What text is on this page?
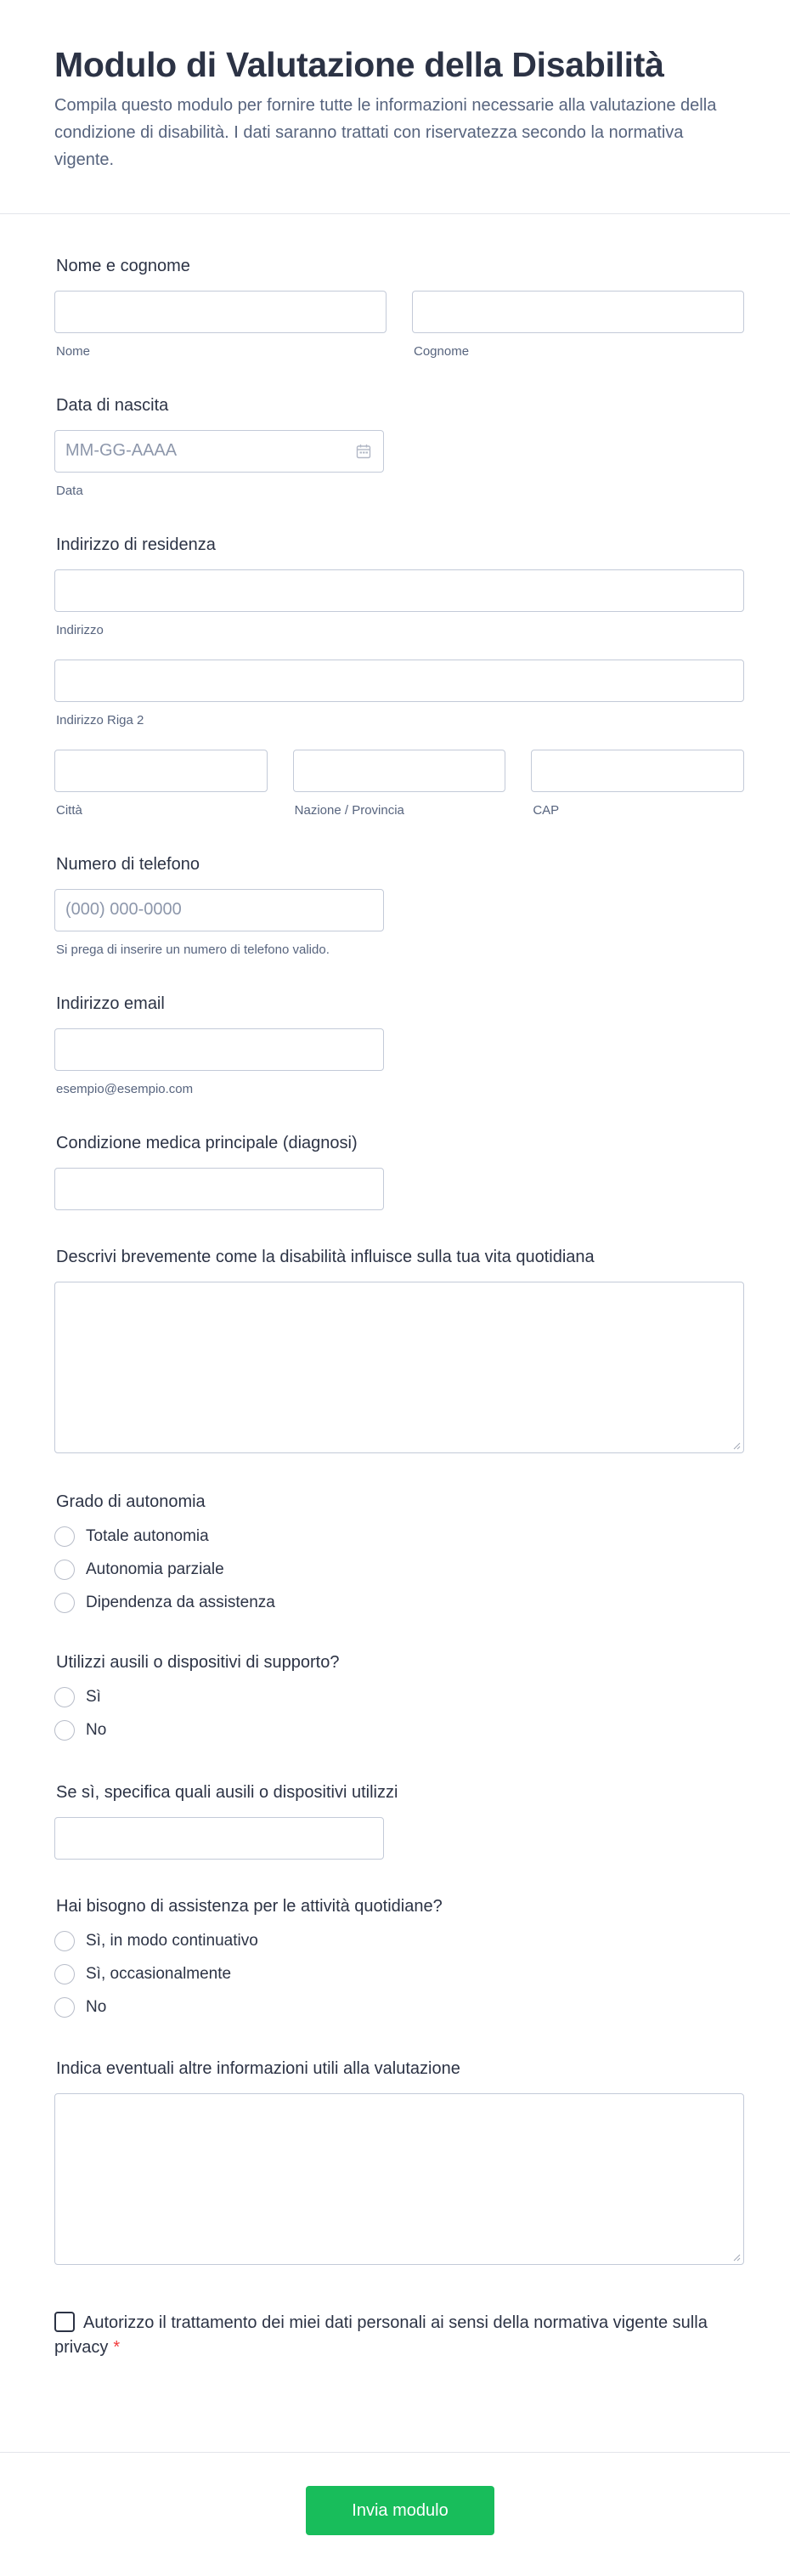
Modulo di Valutazione della Disabilità

Compila questo modulo per fornire tutte le informazioni necessarie alla valutazione della condizione di disabilità. I dati saranno trattati con riservatezza secondo la normativa vigente.

Nome e cognome
Nome	Cognome
Data di nascita
MM-GG-AAAA
Data
Indirizzo di residenza
Indirizzo
Indirizzo Riga 2
Città	Nazione / Provincia	CAP
Numero di telefono
(000) 000-0000
Si prega di inserire un numero di telefono valido.
Indirizzo email
esempio@esempio.com
Condizione medica principale (diagnosi)
Descrivi brevemente come la disabilità influisce sulla tua vita quotidiana
Grado di autonomia
Totale autonomia
Autonomia parziale
Dipendenza da assistenza
Utilizzi ausili o dispositivi di supporto?
Sì
No
Se sì, specifica quali ausili o dispositivi utilizzi
Hai bisogno di assistenza per le attività quotidiane?
Sì, in modo continuativo
Sì, occasionalmente
No
Indica eventuali altre informazioni utili alla valutazione
Autorizzo il trattamento dei miei dati personali ai sensi della normativa vigente sulla privacy *
Invia modulo
